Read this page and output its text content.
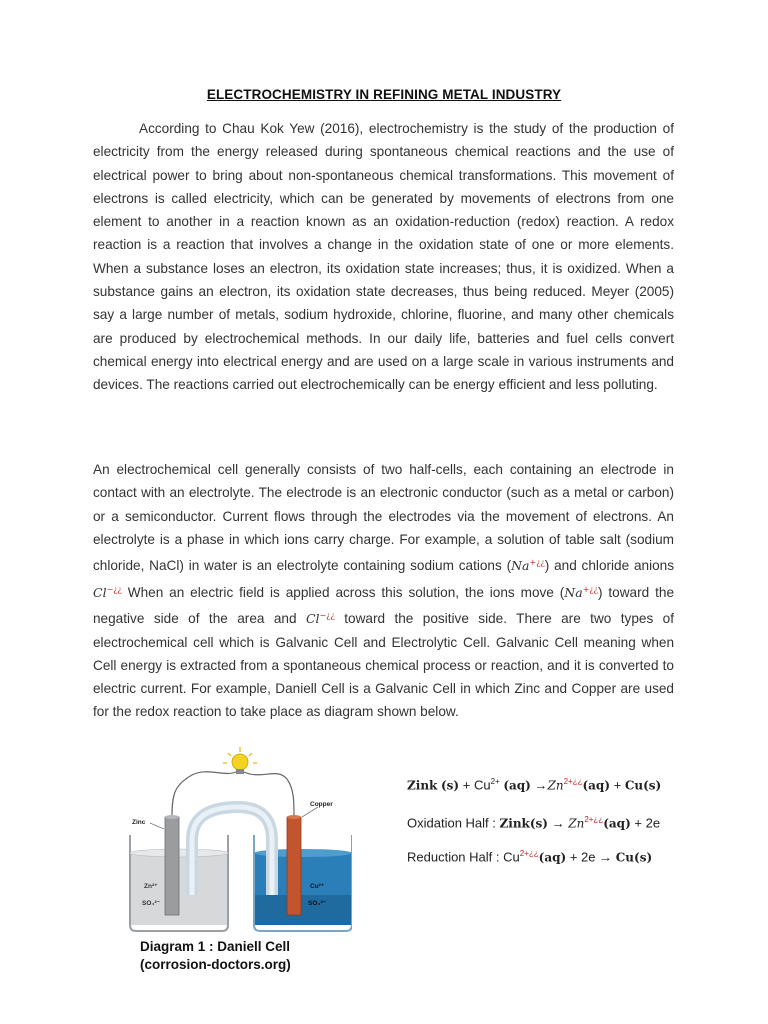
ELECTROCHEMISTRY IN REFINING METAL INDUSTRY
According to Chau Kok Yew (2016), electrochemistry is the study of the production of electricity from the energy released during spontaneous chemical reactions and the use of electrical power to bring about non-spontaneous chemical transformations. This movement of electrons is called electricity, which can be generated by movements of electrons from one element to another in a reaction known as an oxidation-reduction (redox) reaction. A redox reaction is a reaction that involves a change in the oxidation state of one or more elements. When a substance loses an electron, its oxidation state increases; thus, it is oxidized. When a substance gains an electron, its oxidation state decreases, thus being reduced. Meyer (2005) say a large number of metals, sodium hydroxide, chlorine, fluorine, and many other chemicals are produced by electrochemical methods. In our daily life, batteries and fuel cells convert chemical energy into electrical energy and are used on a large scale in various instruments and devices. The reactions carried out electrochemically can be energy efficient and less polluting.
An electrochemical cell generally consists of two half-cells, each containing an electrode in contact with an electrolyte. The electrode is an electronic conductor (such as a metal or carbon) or a semiconductor. Current flows through the electrodes via the movement of electrons. An electrolyte is a phase in which ions carry charge. For example, a solution of table salt (sodium chloride, NaCl) in water is an electrolyte containing sodium cations (Na+¿¿) and chloride anions Cl−¿¿ When an electric field is applied across this solution, the ions move (Na+¿¿) toward the negative side of the area and Cl−¿¿ toward the positive side. There are two types of electrochemical cell which is Galvanic Cell and Electrolytic Cell. Galvanic Cell meaning when Cell energy is extracted from a spontaneous chemical process or reaction, and it is converted to electric current. For example, Daniell Cell is a Galvanic Cell in which Zinc and Copper are used for the redox reaction to take place as diagram shown below.
Zinc
Copper
Zn²⁺
SO₄²⁻
Cu²⁺
SO₄²⁻
Diagram 1 : Daniell Cell
(corrosion-doctors.org)
Zink $(s) + Cu^{2+}$ $(aq) \to Zn^{2+¿¿}(aq) + Cu(s)$
Oxidation Half : Zink(s) → $Zn^{2+¿¿}(aq) + 2e$
Reduction Half : $Cu^{2+¿¿}(aq) + 2e \to Cu(s)$
